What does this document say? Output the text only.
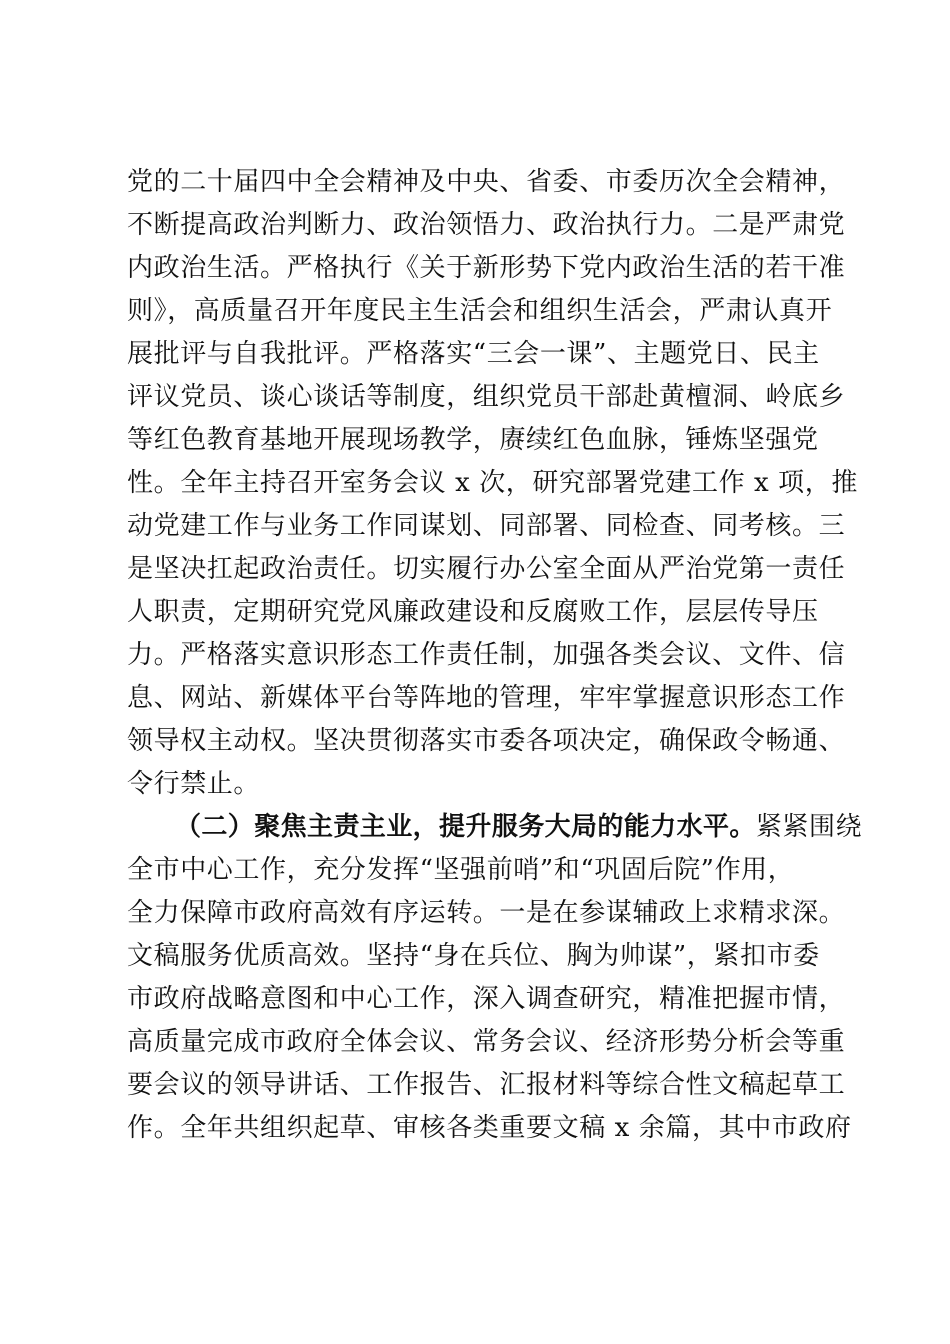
党的二十届四中全会精神及中央、省委、市委历次全会精神，
不断提高政治判断力、政治领悟力、政治执行力。二是严肃党
内政治生活。严格执行《关于新形势下党内政治生活的若干准
则》，高质量召开年度民主生活会和组织生活会，严肃认真开
展批评与自我批评。严格落实“三会一课”、主题党日、民主
评议党员、谈心谈话等制度，组织党员干部赴黄檀洞、岭底乡
等红色教育基地开展现场教学，赓续红色血脉，锤炼坚强党
性。全年主持召开室务会议 x 次，研究部署党建工作 x 项，推
动党建工作与业务工作同谋划、同部署、同检查、同考核。三
是坚决扛起政治责任。切实履行办公室全面从严治党第一责任
人职责，定期研究党风廉政建设和反腐败工作，层层传导压
力。严格落实意识形态工作责任制，加强各类会议、文件、信
息、网站、新媒体平台等阵地的管理，牢牢掌握意识形态工作
领导权主动权。坚决贯彻落实市委各项决定，确保政令畅通、
令行禁止。
（二）聚焦主责主业，提升服务大局的能力水平。紧紧围绕
全市中心工作，充分发挥“坚强前哨”和“巩固后院”作用，
全力保障市政府高效有序运转。一是在参谋辅政上求精求深。
文稿服务优质高效。坚持“身在兵位、胸为帅谋”，紧扣市委
市政府战略意图和中心工作，深入调查研究，精准把握市情，
高质量完成市政府全体会议、常务会议、经济形势分析会等重
要会议的领导讲话、工作报告、汇报材料等综合性文稿起草工
作。全年共组织起草、审核各类重要文稿 x 余篇，其中市政府
